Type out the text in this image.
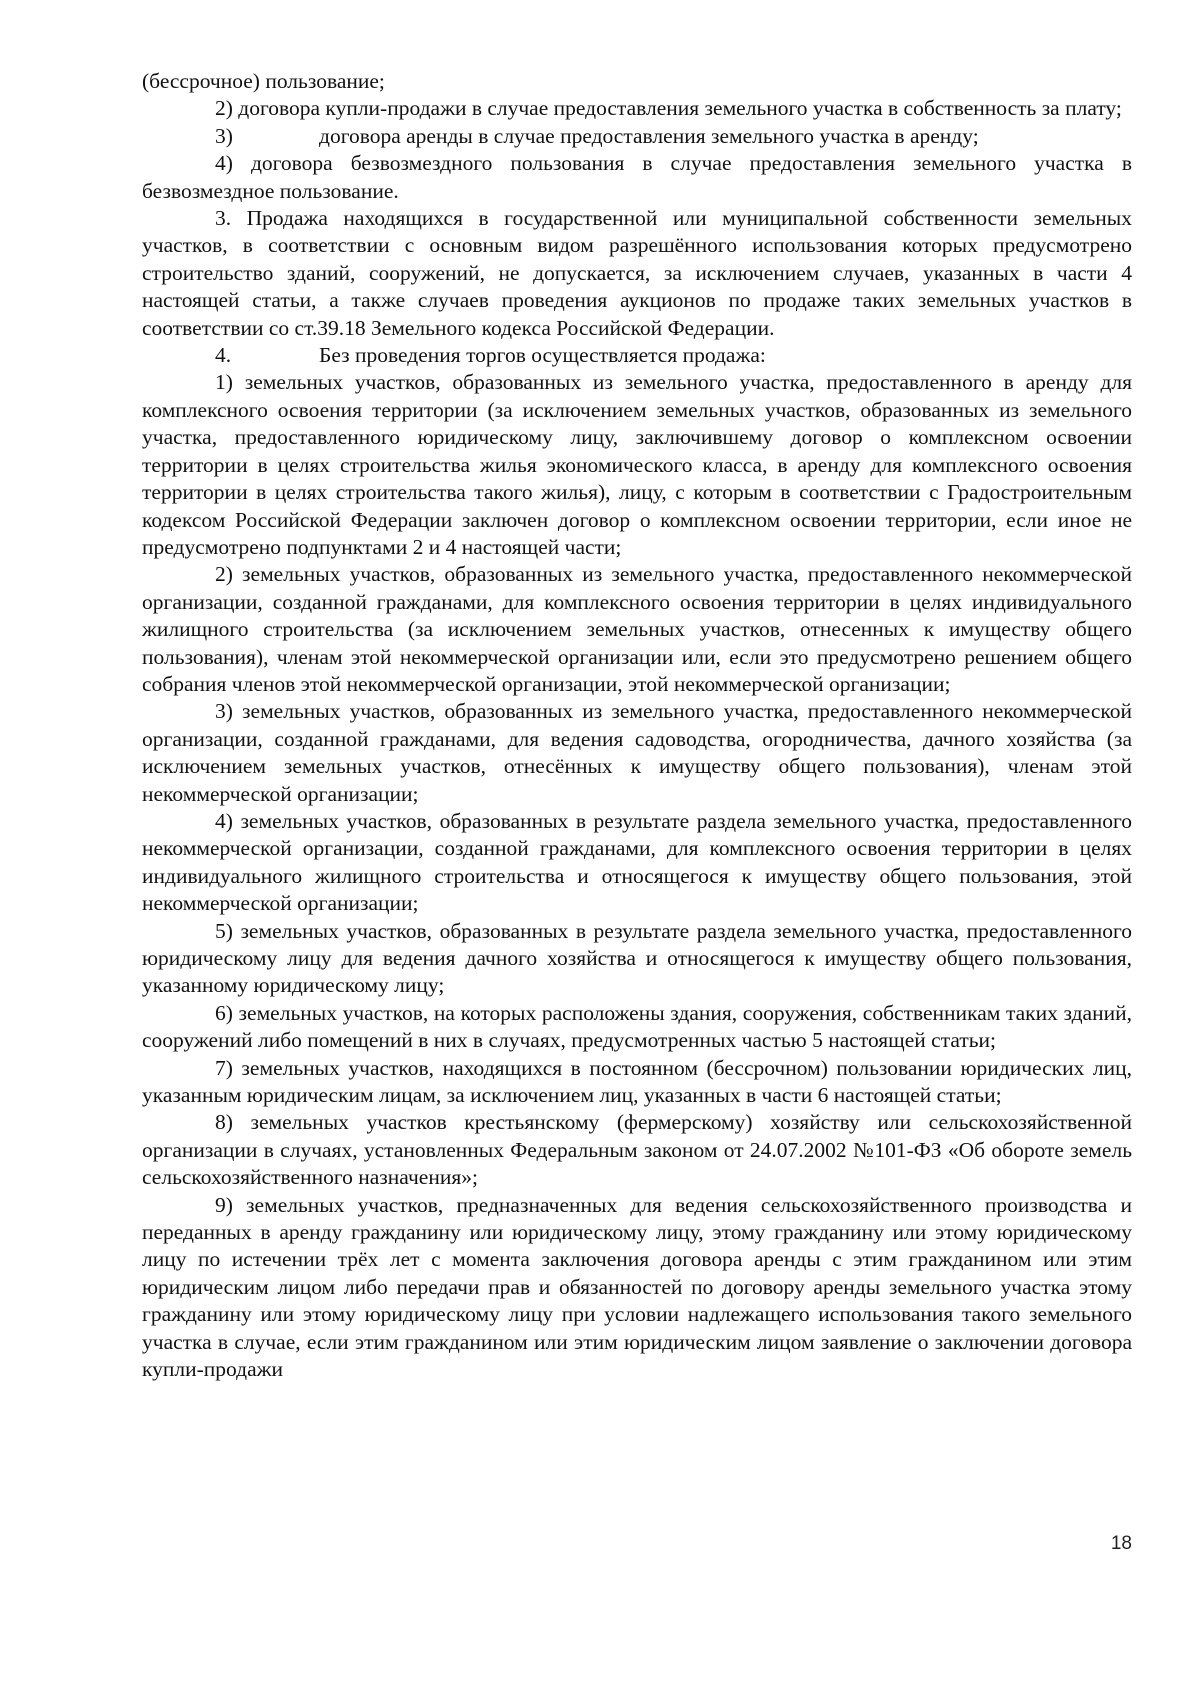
(бессрочное) пользование;

2) договора купли-продажи в случае предоставления земельного участка в собственность за плату;

3)	договора аренды в случае предоставления земельного участка в аренду;

4) договора безвозмездного пользования в случае предоставления земельного участка в безвозмездное пользование.

3. Продажа находящихся в государственной или муниципальной собственности земельных участков, в соответствии с основным видом разрешённого использования которых предусмотрено строительство зданий, сооружений, не допускается, за исключением случаев, указанных в части 4 настоящей статьи, а также случаев проведения аукционов по продаже таких земельных участков в соответствии со ст.39.18 Земельного кодекса Российской Федерации.

4.	Без проведения торгов осуществляется продажа:

1) земельных участков, образованных из земельного участка, предоставленного в аренду для комплексного освоения территории (за исключением земельных участков, образованных из земельного участка, предоставленного юридическому лицу, заключившему договор о комплексном освоении территории в целях строительства жилья экономического класса, в аренду для комплексного освоения территории в целях строительства такого жилья), лицу, с которым в соответствии с Градостроительным кодексом Российской Федерации заключен договор о комплексном освоении территории, если иное не предусмотрено подпунктами 2 и 4 настоящей части;

2) земельных участков, образованных из земельного участка, предоставленного некоммерческой организации, созданной гражданами, для комплексного освоения территории в целях индивидуального жилищного строительства (за исключением земельных участков, отнесенных к имуществу общего пользования), членам этой некоммерческой организации или, если это предусмотрено решением общего собрания членов этой некоммерческой организации, этой некоммерческой организации;

3) земельных участков, образованных из земельного участка, предоставленного некоммерческой организации, созданной гражданами, для ведения садоводства, огородничества, дачного хозяйства (за исключением земельных участков, отнесённых к имуществу общего пользования), членам этой некоммерческой организации;

4) земельных участков, образованных в результате раздела земельного участка, предоставленного некоммерческой организации, созданной гражданами, для комплексного освоения территории в целях индивидуального жилищного строительства и относящегося к имуществу общего пользования, этой некоммерческой организации;

5) земельных участков, образованных в результате раздела земельного участка, предоставленного юридическому лицу для ведения дачного хозяйства и относящегося к имуществу общего пользования, указанному юридическому лицу;

6) земельных участков, на которых расположены здания, сооружения, собственникам таких зданий, сооружений либо помещений в них в случаях, предусмотренных частью 5 настоящей статьи;

7) земельных участков, находящихся в постоянном (бессрочном) пользовании юридических лиц, указанным юридическим лицам, за исключением лиц, указанных в части 6 настоящей статьи;

8) земельных участков крестьянскому (фермерскому) хозяйству или сельскохозяйственной организации в случаях, установленных Федеральным законом от 24.07.2002 №101-ФЗ «Об обороте земель сельскохозяйственного назначения»;

9) земельных участков, предназначенных для ведения сельскохозяйственного производства и переданных в аренду гражданину или юридическому лицу, этому гражданину или этому юридическому лицу по истечении трёх лет с момента заключения договора аренды с этим гражданином или этим юридическим лицом либо передачи прав и обязанностей по договору аренды земельного участка этому гражданину или этому юридическому лицу при условии надлежащего использования такого земельного участка в случае, если этим гражданином или этим юридическим лицом заявление о заключении договора купли-продажи

18
